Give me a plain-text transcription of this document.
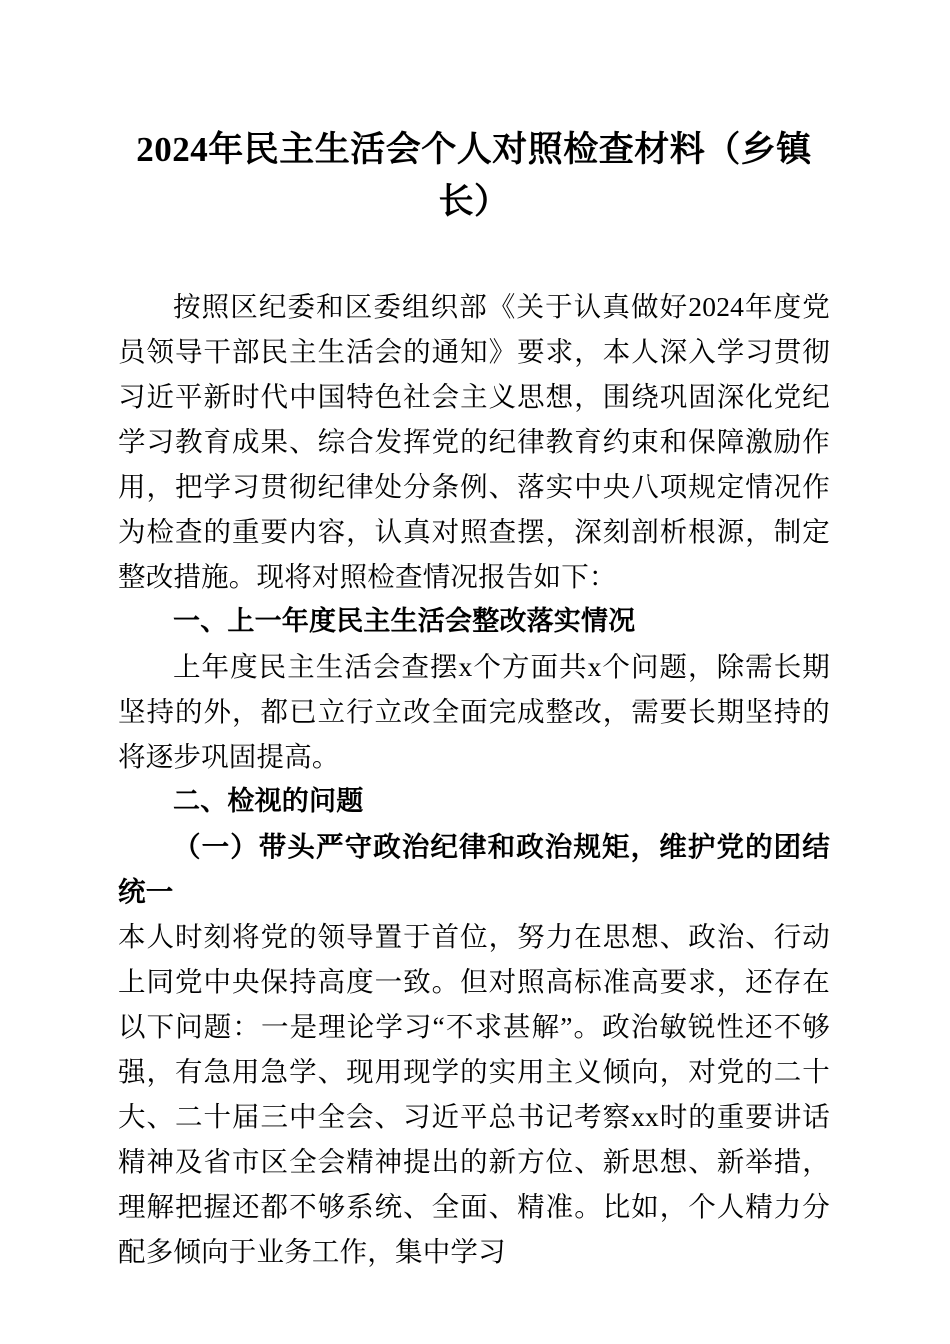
2024年民主生活会个人对照检查材料（乡镇长）

按照区纪委和区委组织部《关于认真做好2024年度党员领导干部民主生活会的通知》要求，本人深入学习贯彻习近平新时代中国特色社会主义思想，围绕巩固深化党纪学习教育成果、综合发挥党的纪律教育约束和保障激励作用，把学习贯彻纪律处分条例、落实中央八项规定情况作为检查的重要内容，认真对照查摆，深刻剖析根源，制定整改措施。现将对照检查情况报告如下：

一、上一年度民主生活会整改落实情况

上年度民主生活会查摆x个方面共x个问题，除需长期坚持的外，都已立行立改全面完成整改，需要长期坚持的将逐步巩固提高。

二、检视的问题
（一）带头严守政治纪律和政治规矩，维护党的团结统一

本人时刻将党的领导置于首位，努力在思想、政治、行动上同党中央保持高度一致。但对照高标准高要求，还存在以下问题：一是理论学习“不求甚解”。政治敏锐性还不够强，有急用急学、现用现学的实用主义倾向，对党的二十大、二十届三中全会、习近平总书记考察xx时的重要讲话精神及省市区全会精神提出的新方位、新思想、新举措，理解把握还都不够系统、全面、精准。比如，个人精力分配多倾向于业务工作，集中学习
